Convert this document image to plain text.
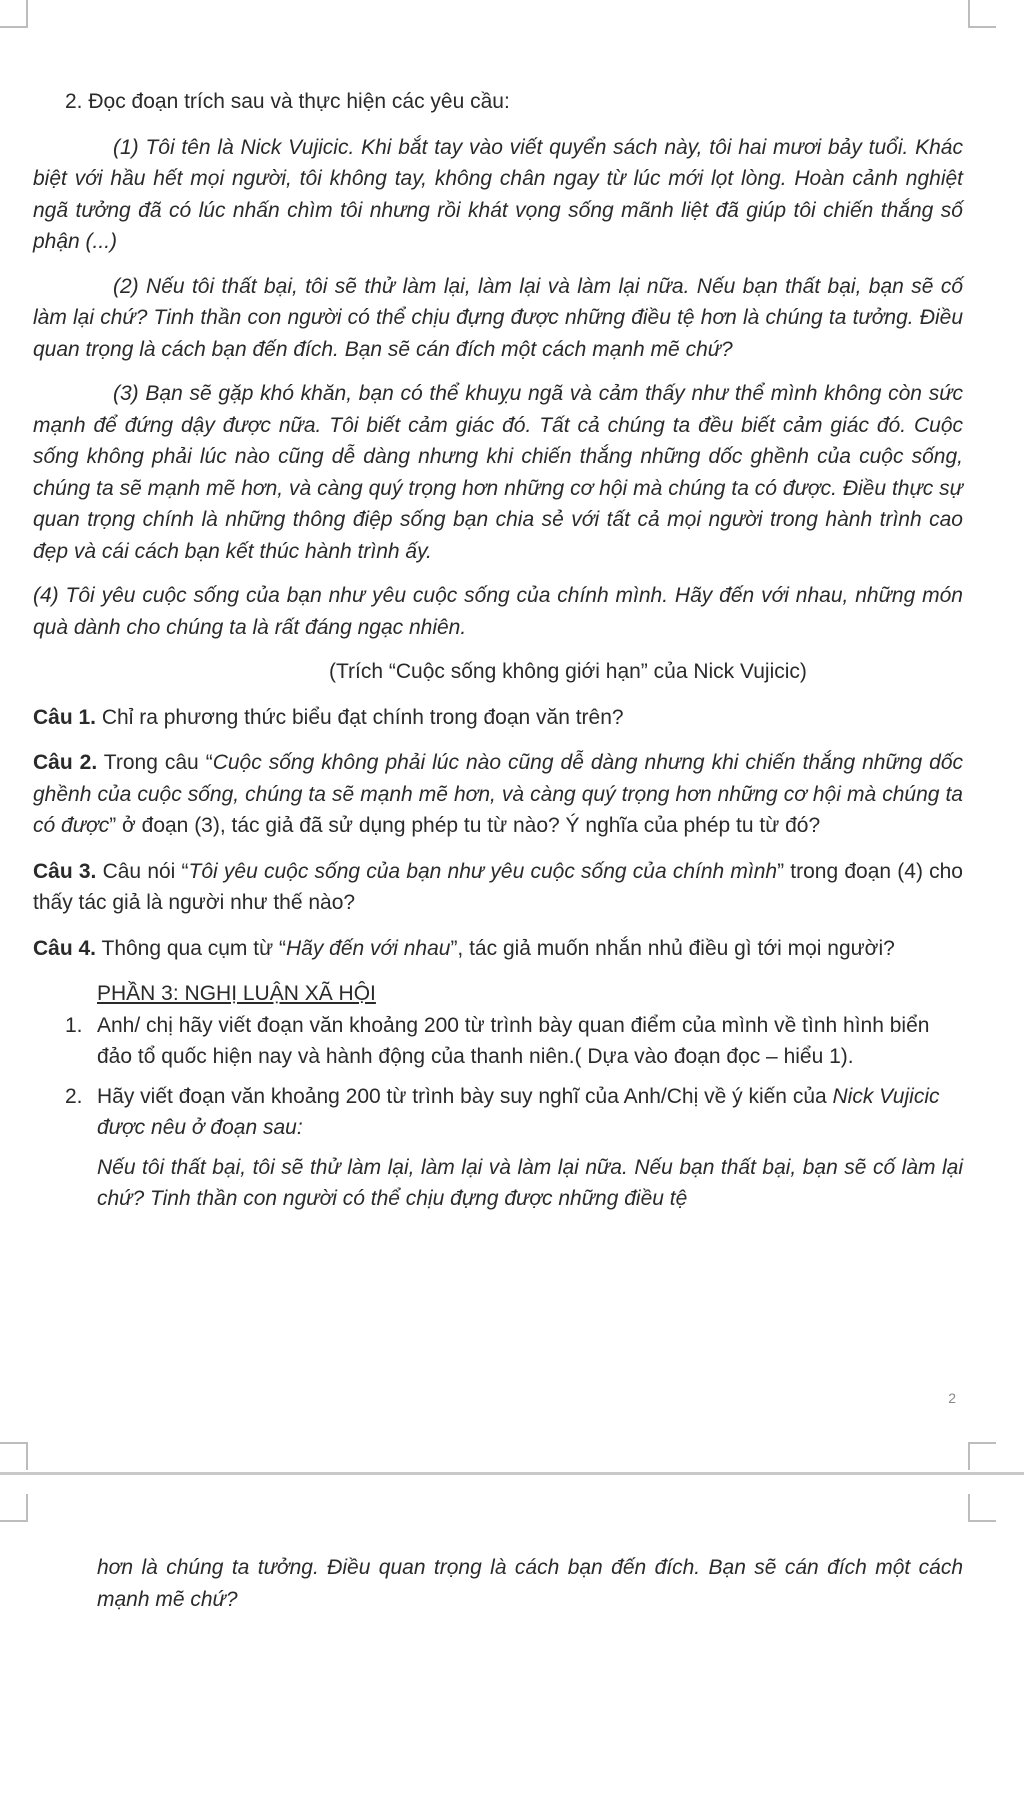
2. Đọc đoạn trích sau và thực hiện các yêu cầu:

(1) Tôi tên là Nick Vujicic. Khi bắt tay vào viết quyển sách này, tôi hai mươi bảy tuổi. Khác biệt với hầu hết mọi người, tôi không tay, không chân ngay từ lúc mới lọt lòng. Hoàn cảnh nghiệt ngã tưởng đã có lúc nhấn chìm tôi nhưng rồi khát vọng sống mãnh liệt đã giúp tôi chiến thắng số phận (...)

(2) Nếu tôi thất bại, tôi sẽ thử làm lại, làm lại và làm lại nữa. Nếu bạn thất bại, bạn sẽ cố làm lại chứ? Tinh thần con người có thể chịu đựng được những điều tệ hơn là chúng ta tưởng. Điều quan trọng là cách bạn đến đích. Bạn sẽ cán đích một cách mạnh mẽ chứ?

(3) Bạn sẽ gặp khó khăn, bạn có thể khuỵu ngã và cảm thấy như thể mình không còn sức mạnh để đứng dậy được nữa. Tôi biết cảm giác đó. Tất cả chúng ta đều biết cảm giác đó. Cuộc sống không phải lúc nào cũng dễ dàng nhưng khi chiến thắng những dốc ghềnh của cuộc sống, chúng ta sẽ mạnh mẽ hơn, và càng quý trọng hơn những cơ hội mà chúng ta có được. Điều thực sự quan trọng chính là những thông điệp sống bạn chia sẻ với tất cả mọi người trong hành trình cao đẹp và cái cách bạn kết thúc hành trình ấy.

(4) Tôi yêu cuộc sống của bạn như yêu cuộc sống của chính mình. Hãy đến với nhau, những món quà dành cho chúng ta là rất đáng ngạc nhiên.

(Trích “Cuộc sống không giới hạn” của Nick Vujicic)

Câu 1. Chỉ ra phương thức biểu đạt chính trong đoạn văn trên?

Câu 2. Trong câu “Cuộc sống không phải lúc nào cũng dễ dàng nhưng khi chiến thắng những dốc ghềnh của cuộc sống, chúng ta sẽ mạnh mẽ hơn, và càng quý trọng hơn những cơ hội mà chúng ta có được” ở đoạn (3), tác giả đã sử dụng phép tu từ nào? Ý nghĩa của phép tu từ đó?

Câu 3. Câu nói “Tôi yêu cuộc sống của bạn như yêu cuộc sống của chính mình” trong đoạn (4) cho thấy tác giả là người như thế nào?

Câu 4. Thông qua cụm từ “Hãy đến với nhau”, tác giả muốn nhắn nhủ điều gì tới mọi người?

PHẦN 3: NGHỊ LUẬN XÃ HỘI

1. Anh/ chị hãy viết đoạn văn khoảng 200 từ trình bày quan điểm của mình về tình hình biển đảo tổ quốc hiện nay và hành động của thanh niên.( Dựa vào đoạn đọc – hiểu 1).
2. Hãy viết đoạn văn khoảng 200 từ trình bày suy nghĩ của Anh/Chị về ý kiến của Nick Vujicic được nêu ở đoạn sau:

Nếu tôi thất bại, tôi sẽ thử làm lại, làm lại và làm lại nữa. Nếu bạn thất bại, bạn sẽ cố làm lại chứ? Tinh thần con người có thể chịu đựng được những điều tệ

2

hơn là chúng ta tưởng. Điều quan trọng là cách bạn đến đích. Bạn sẽ cán đích một cách mạnh mẽ chứ?
